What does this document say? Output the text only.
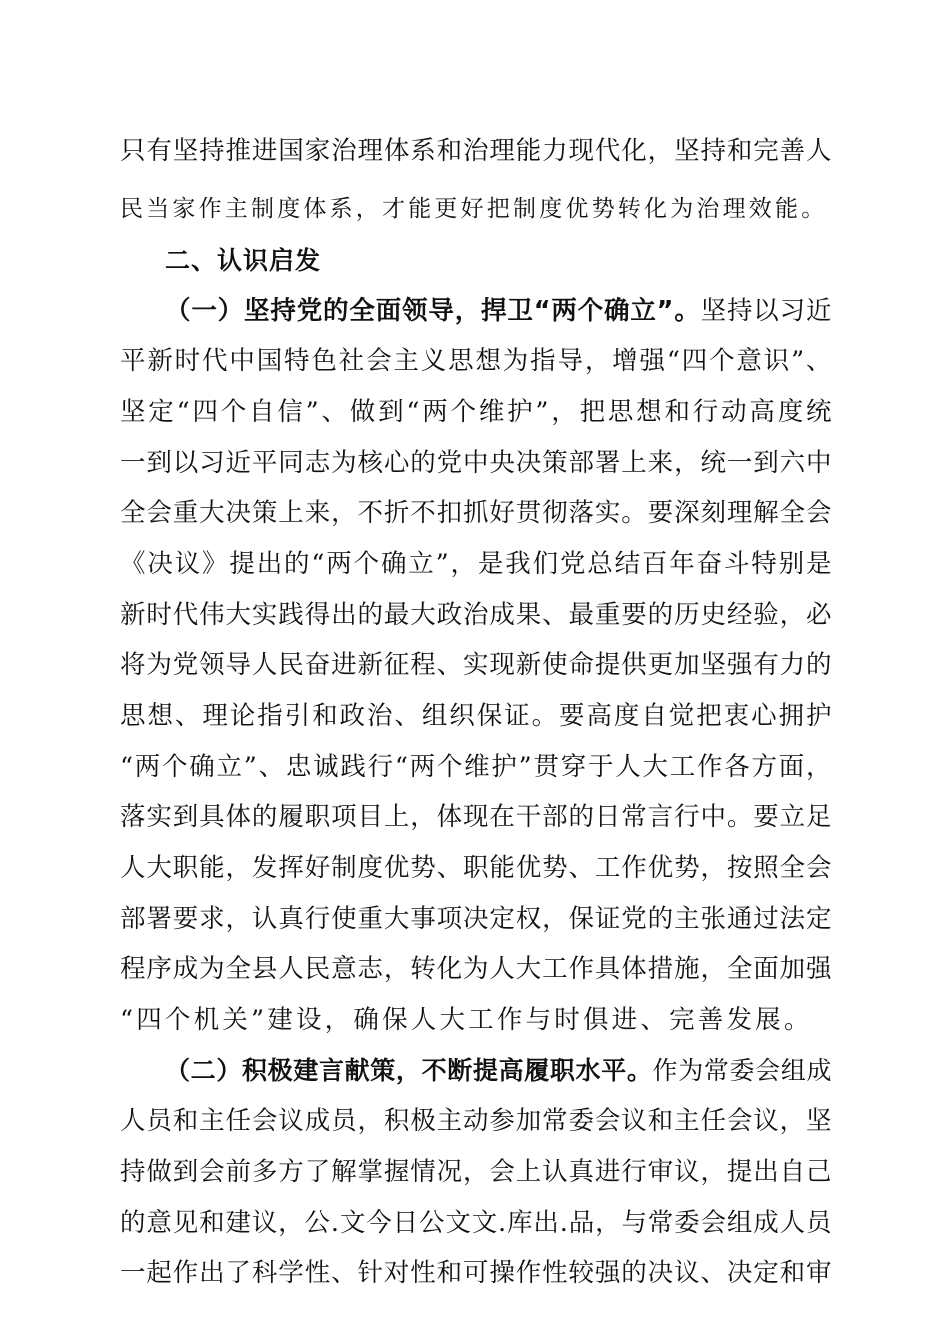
只有坚持推进国家治理体系和治理能力现代化，坚持和完善人
民当家作主制度体系，才能更好把制度优势转化为治理效能。
二、认识启发
（一）坚持党的全面领导，捍卫“两个确立”。坚持以习近
平新时代中国特色社会主义思想为指导，增强“四个意识”、
坚定“四个自信”、做到“两个维护”，把思想和行动高度统
一到以习近平同志为核心的党中央决策部署上来，统一到六中
全会重大决策上来，不折不扣抓好贯彻落实。要深刻理解全会
《决议》提出的“两个确立”，是我们党总结百年奋斗特别是
新时代伟大实践得出的最大政治成果、最重要的历史经验，必
将为党领导人民奋进新征程、实现新使命提供更加坚强有力的
思想、理论指引和政治、组织保证。要高度自觉把衷心拥护
“两个确立”、忠诚践行“两个维护”贯穿于人大工作各方面，
落实到具体的履职项目上，体现在干部的日常言行中。要立足
人大职能，发挥好制度优势、职能优势、工作优势，按照全会
部署要求，认真行使重大事项决定权，保证党的主张通过法定
程序成为全县人民意志，转化为人大工作具体措施，全面加强
“四个机关”建设，确保人大工作与时俱进、完善发展。
（二）积极建言献策，不断提高履职水平。作为常委会组成
人员和主任会议成员，积极主动参加常委会议和主任会议，坚
持做到会前多方了解掌握情况，会上认真进行审议，提出自己
的意见和建议，公.文今日公文文.库出.品，与常委会组成人员
一起作出了科学性、针对性和可操作性较强的决议、决定和审
